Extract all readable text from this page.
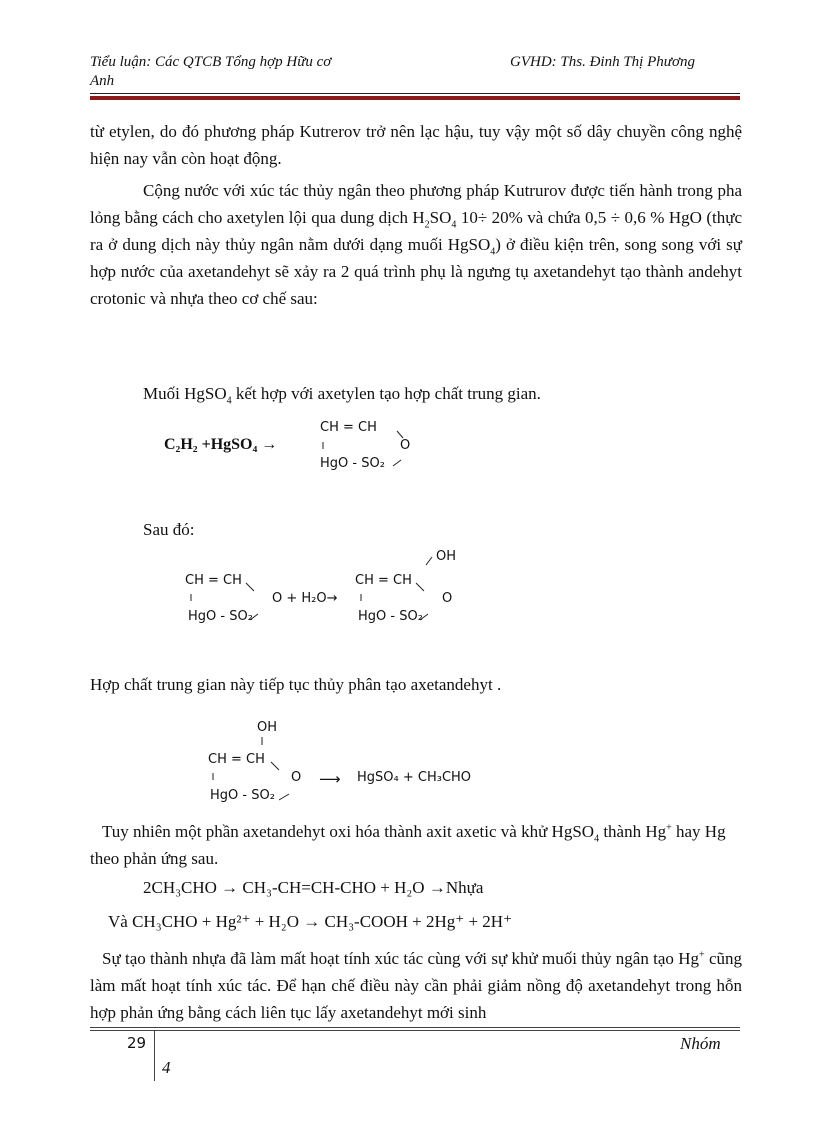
Tiểu luận: Các QTCB Tổng hợp Hữu cơ
Anh
GVHD: Ths. Đinh Thị Phương
từ etylen, do đó phương pháp Kutrerov trở nên lạc hậu, tuy vậy một số dây chuyền công nghệ hiện nay vẫn còn hoạt động.
Cộng nước với xúc tác thủy ngân theo phương pháp Kutrurov được tiến hành trong pha lỏng bằng cách cho axetylen lội qua dung dịch $H_2SO_4$ 10÷ 20% và chứa 0,5 ÷ 0,6 % HgO (thực ra ở dung dịch này thủy ngân nằm dưới dạng muối HgSO$_4$) ở điều kiện trên, song song với sự hợp nước của axetandehyt sẽ xảy ra 2 quá trình phụ là ngưng tụ axetandehyt tạo thành andehyt crotonic và nhựa theo cơ chế sau:
Muối HgSO$_4$ kết hợp với axetylen tạo hợp chất trung gian.
C₂H₂ +HgSO₄ →
CH = CH
O
HgO - SO₂
Sau đó:
CH = CH
HgO - SO₂
O + H₂O→
OH
CH = CH
O
HgO - SO₂
Hợp chất trung gian này tiếp tục thủy phân tạo axetandehyt .
OH
CH = CH
O
HgO - SO₂
⟶ HgSO₄ + CH₃CHO
Tuy nhiên một phần axetandehyt oxi hóa thành axit axetic và khử HgSO$_4$ thành Hg+ hay Hg theo phản ứng sau.
2CH₃CHO → CH₃-CH=CH-CHO + H₂O →Nhựa
Và CH₃CHO + Hg²⁺ + H₂O → CH₃-COOH + 2Hg⁺ + 2H⁺
Sự tạo thành nhựa đã làm mất hoạt tính xúc tác cùng với sự khử muối thủy ngân tạo Hg+ cũng làm mất hoạt tính xúc tác. Để hạn chế điều này cần phải giảm nồng độ axetandehyt trong hỗn hợp phản ứng bằng cách liên tục lấy axetandehyt mới sinh
29	Nhóm
4
